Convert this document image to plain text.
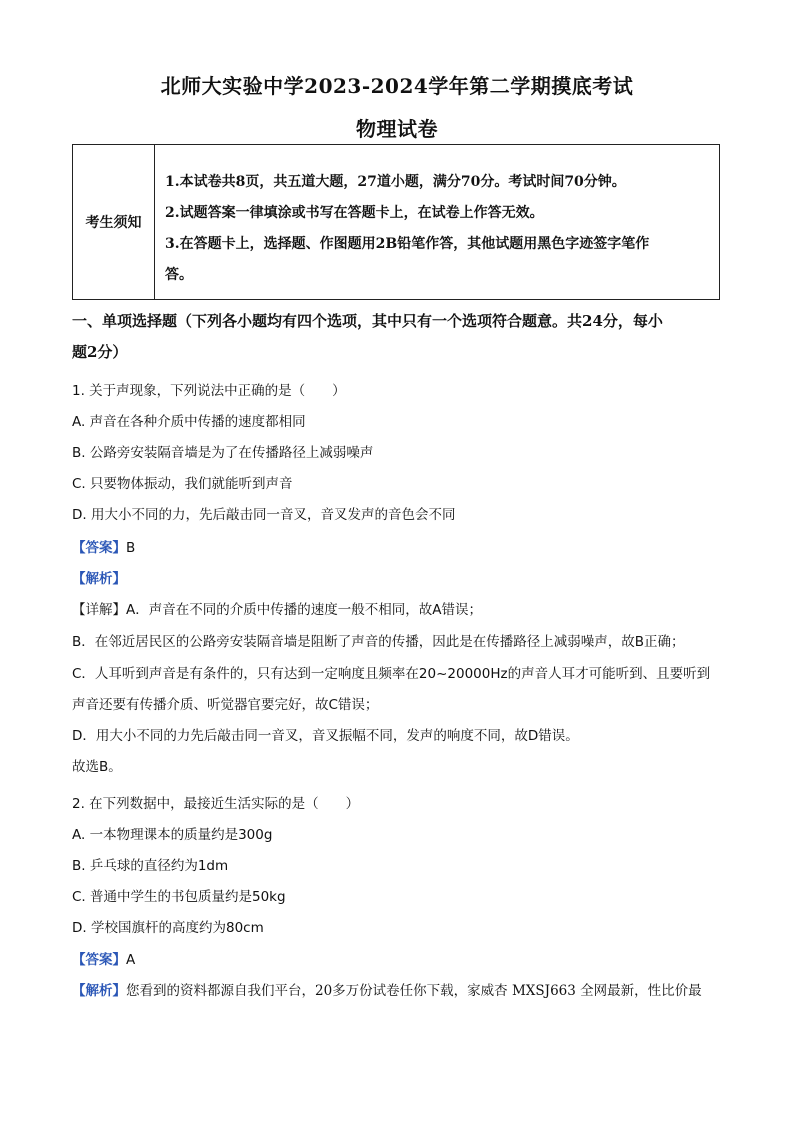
北师大实验中学2023-2024学年第二学期摸底考试
物理试卷
考生须知
1.本试卷共8页，共五道大题，27道小题，满分70分。考试时间70分钟。
2.试题答案一律填涂或书写在答题卡上，在试卷上作答无效。
3.在答题卡上，选择题、作图题用2B铅笔作答，其他试题用黑色字迹签字笔作
答。
一、单项选择题（下列各小题均有四个选项，其中只有一个选项符合题意。共24分，每小
题2分）
1. 关于声现象，下列说法中正确的是（　　）
A. 声音在各种介质中传播的速度都相同
B. 公路旁安装隔音墙是为了在传播路径上减弱噪声
C. 只要物体振动，我们就能听到声音
D. 用大小不同的力，先后敲击同一音叉，音叉发声的音色会不同
【答案】B
【解析】
【详解】A．声音在不同的介质中传播的速度一般不相同，故A错误；
B．在邻近居民区的公路旁安装隔音墙是阻断了声音的传播，因此是在传播路径上减弱噪声，故B正确；
C．人耳听到声音是有条件的，只有达到一定响度且频率在20~20000Hz的声音人耳才可能听到、且要听到
声音还要有传播介质、听觉器官要完好，故C错误；
D．用大小不同的力先后敲击同一音叉，音叉振幅不同，发声的响度不同，故D错误。
故选B。
2. 在下列数据中，最接近生活实际的是（　　）
A. 一本物理课本的质量约是300g
B. 乒乓球的直径约为1dm
C. 普通中学生的书包质量约是50kg
D. 学校国旗杆的高度约为80cm
【答案】A
【解析】您看到的资料都源自我们平台，20多万份试卷任你下载，家威杏 MXSJ663 全网最新，性比价最
